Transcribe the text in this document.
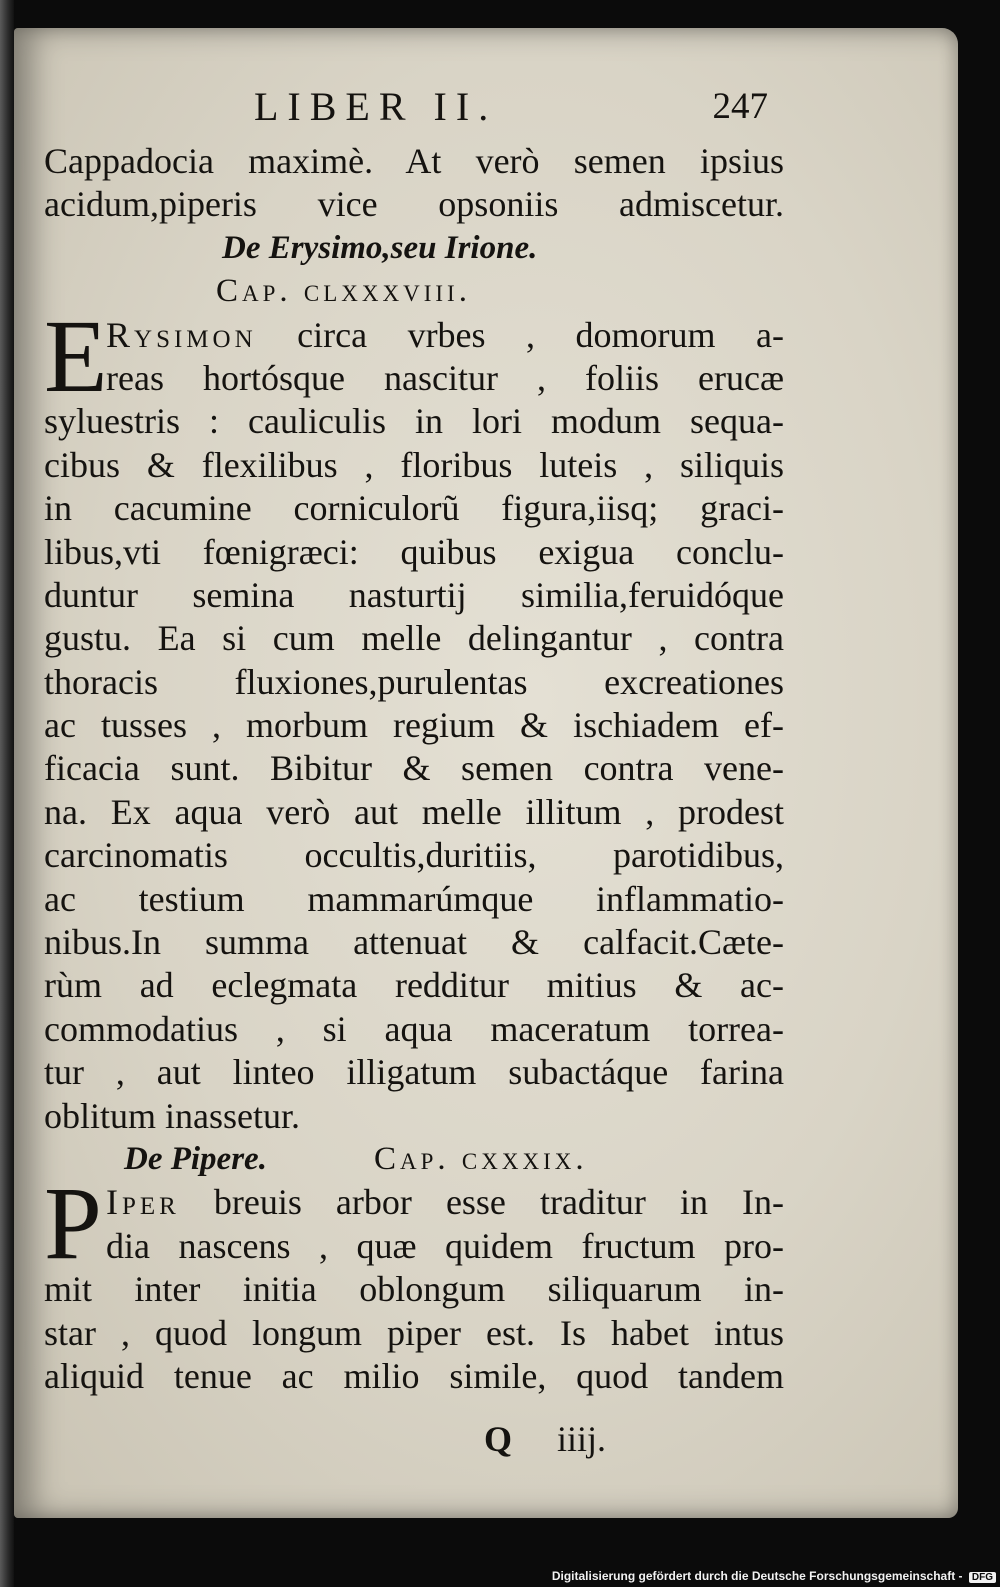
LIBER II.	247
Cappadocia maximè. At verò semen ipsius
acidum,piperis vice opsoniis admiscetur.
De Erysimo,seu Irione.
Cap. clxxxviii.
E
Rysimon circa vrbes , domorum a-
reas hortósque nascitur , foliis erucæ
syluestris : cauliculis in lori modum sequa-
cibus & flexilibus , floribus luteis , siliquis
in cacumine corniculorũ figura,iisq; graci-
libus,vti fœnigræci: quibus exigua conclu-
duntur semina nasturtij similia,feruidóque
gustu. Ea si cum melle delingantur , contra
thoracis fluxiones,purulentas excreationes
ac tusses , morbum regium & ischiadem ef-
ficacia sunt. Bibitur & semen contra vene-
na. Ex aqua verò aut melle illitum , prodest
carcinomatis occultis,duritiis, parotidibus,
ac testium mammarúmque inflammatio-
nibus.In summa attenuat & calfacit.Cæte-
rùm ad eclegmata redditur mitius & ac-
commodatius , si aqua maceratum torrea-
tur , aut linteo illigatum subactáque farina
oblitum inassetur.
De Pipere.	Cap. cxxxix.
P Iper breuis arbor esse traditur in In-
dia nascens , quæ quidem fructum pro-
mit inter initia oblongum siliquarum in-
star , quod longum piper est. Is habet intus
aliquid tenue ac milio simile, quod tandem
Q iiij.
Digitalisierung gefördert durch die Deutsche Forschungsgemeinschaft - DFG
